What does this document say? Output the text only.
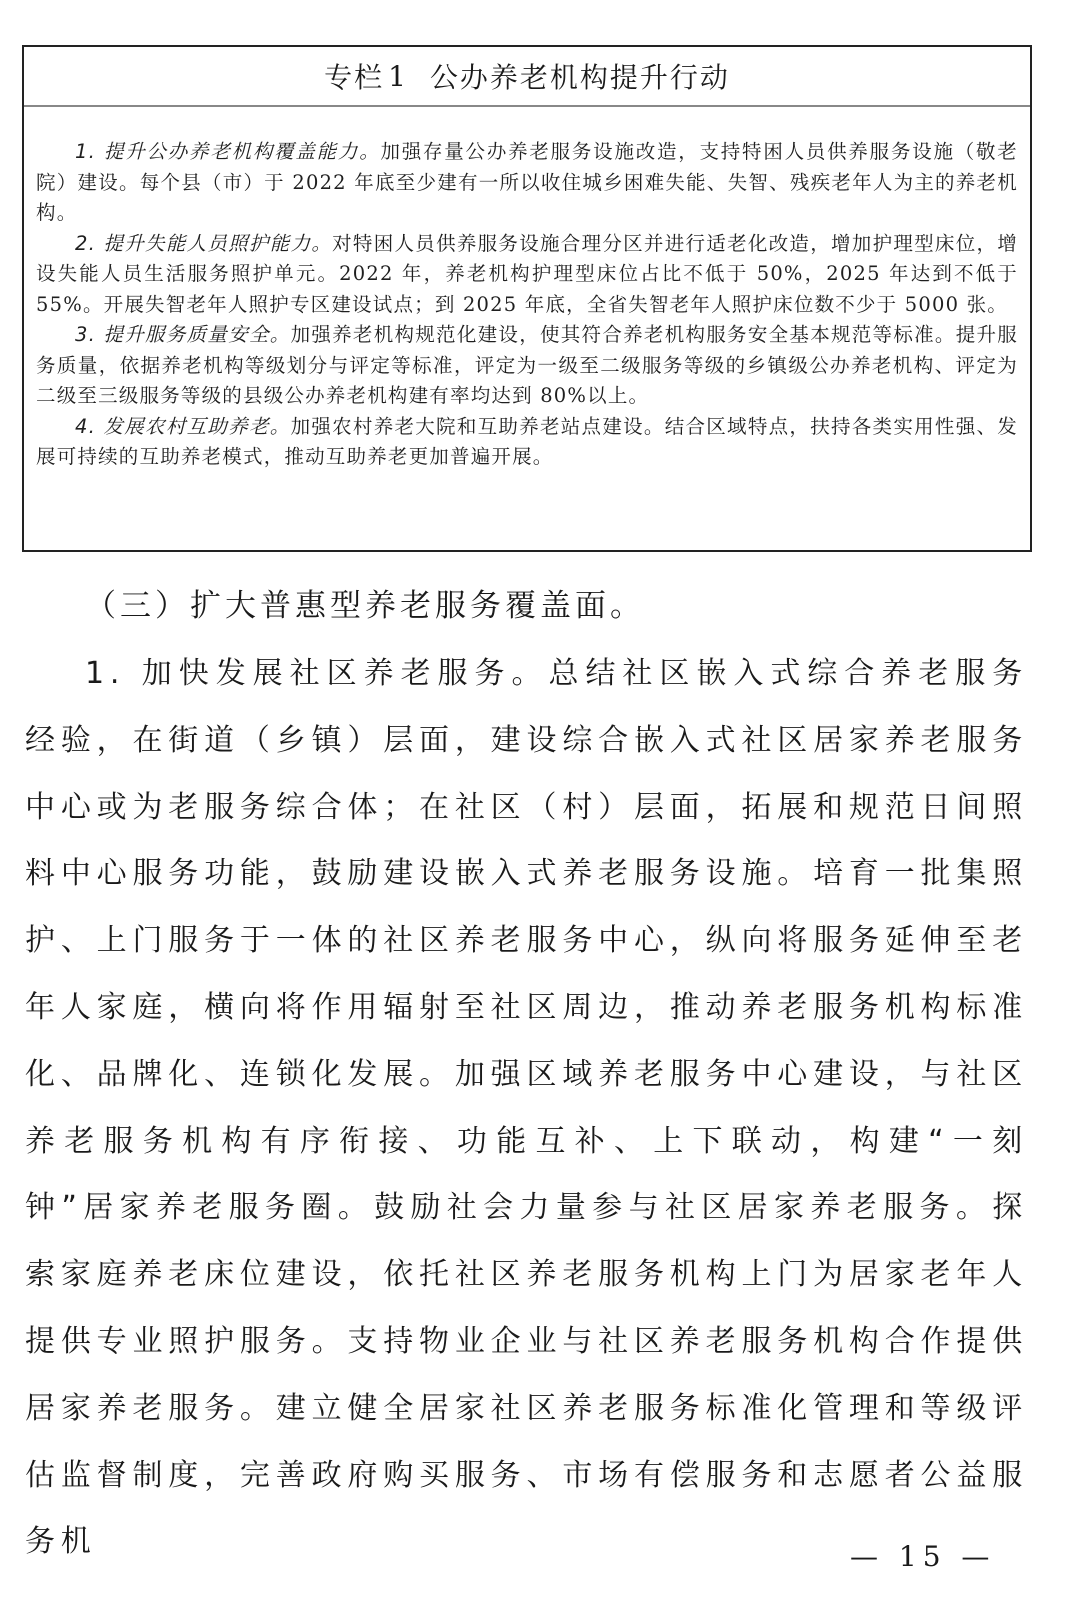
专栏 1 公办养老机构提升行动

1. 提升公办养老机构覆盖能力。加强存量公办养老服务设施改造，支持特困人员供养服务设施（敬老院）建设。每个县（市）于 2022 年底至少建有一所以收住城乡困难失能、失智、残疾老年人为主的养老机构。

2. 提升失能人员照护能力。对特困人员供养服务设施合理分区并进行适老化改造，增加护理型床位，增设失能人员生活服务照护单元。2022 年，养老机构护理型床位占比不低于 50%，2025 年达到不低于 55%。开展失智老年人照护专区建设试点；到 2025 年底，全省失智老年人照护床位数不少于 5000 张。

3. 提升服务质量安全。加强养老机构规范化建设，使其符合养老机构服务安全基本规范等标准。提升服务质量，依据养老机构等级划分与评定等标准，评定为一级至二级服务等级的乡镇级公办养老机构、评定为二级至三级服务等级的县级公办养老机构建有率均达到 80%以上。

4. 发展农村互助养老。加强农村养老大院和互助养老站点建设。结合区域特点，扶持各类实用性强、发展可持续的互助养老模式，推动互助养老更加普遍开展。

（三）扩大普惠型养老服务覆盖面。

1. 加快发展社区养老服务。总结社区嵌入式综合养老服务经验，在街道（乡镇）层面，建设综合嵌入式社区居家养老服务中心或为老服务综合体；在社区（村）层面，拓展和规范日间照料中心服务功能，鼓励建设嵌入式养老服务设施。培育一批集照护、上门服务于一体的社区养老服务中心，纵向将服务延伸至老年人家庭，横向将作用辐射至社区周边，推动养老服务机构标准化、品牌化、连锁化发展。加强区域养老服务中心建设，与社区养老服务机构有序衔接、功能互补、上下联动，构建“一刻钟”居家养老服务圈。鼓励社会力量参与社区居家养老服务。探索家庭养老床位建设，依托社区养老服务机构上门为居家老年人提供专业照护服务。支持物业企业与社区养老服务机构合作提供居家养老服务。建立健全居家社区养老服务标准化管理和等级评估监督制度，完善政府购买服务、市场有偿服务和志愿者公益服务机	— 15 —
